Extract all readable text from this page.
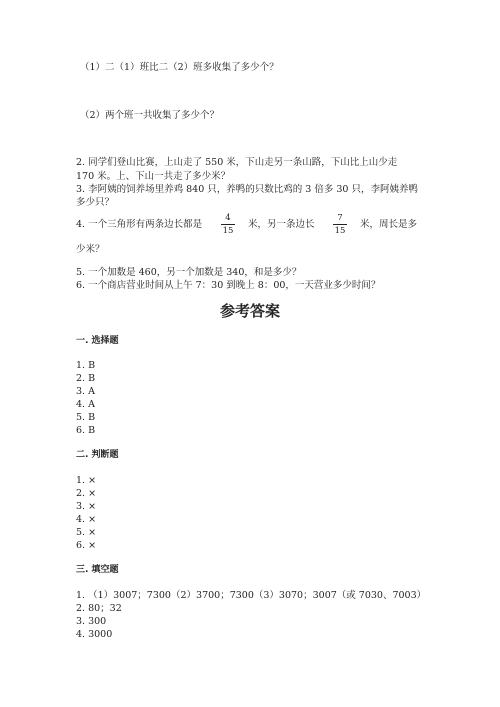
（1）二（1）班比二（2）班多收集了多少个？
（2）两个班一共收集了多少个？
2. 同学们登山比赛，上山走了 550 米，下山走另一条山路，下山比上山少走
170 米。上、下山一共走了多少米？
3. 李阿姨的饲养场里养鸡 840 只，养鸭的只数比鸡的 3 倍多 30 只，李阿姨养鸭
多少只？
4. 一个三角形有两条边长都是
4
15
米，另一条边长
7
15
米，周长是多
少米？
5. 一个加数是 460，另一个加数是 340，和是多少？
6. 一个商店营业时间从上午 7：30 到晚上 8：00，一天营业多少时间？
参考答案
一. 选择题
1. B
2. B
3. A
4. A
5. B
6. B
二. 判断题
1. ×
2. ×
3. ×
4. ×
5. ×
6. ×
三. 填空题
1. （1）3007；7300（2）3700；7300（3）3070；3007（或 7030、7003）
2. 80；32
3. 300
4. 3000
